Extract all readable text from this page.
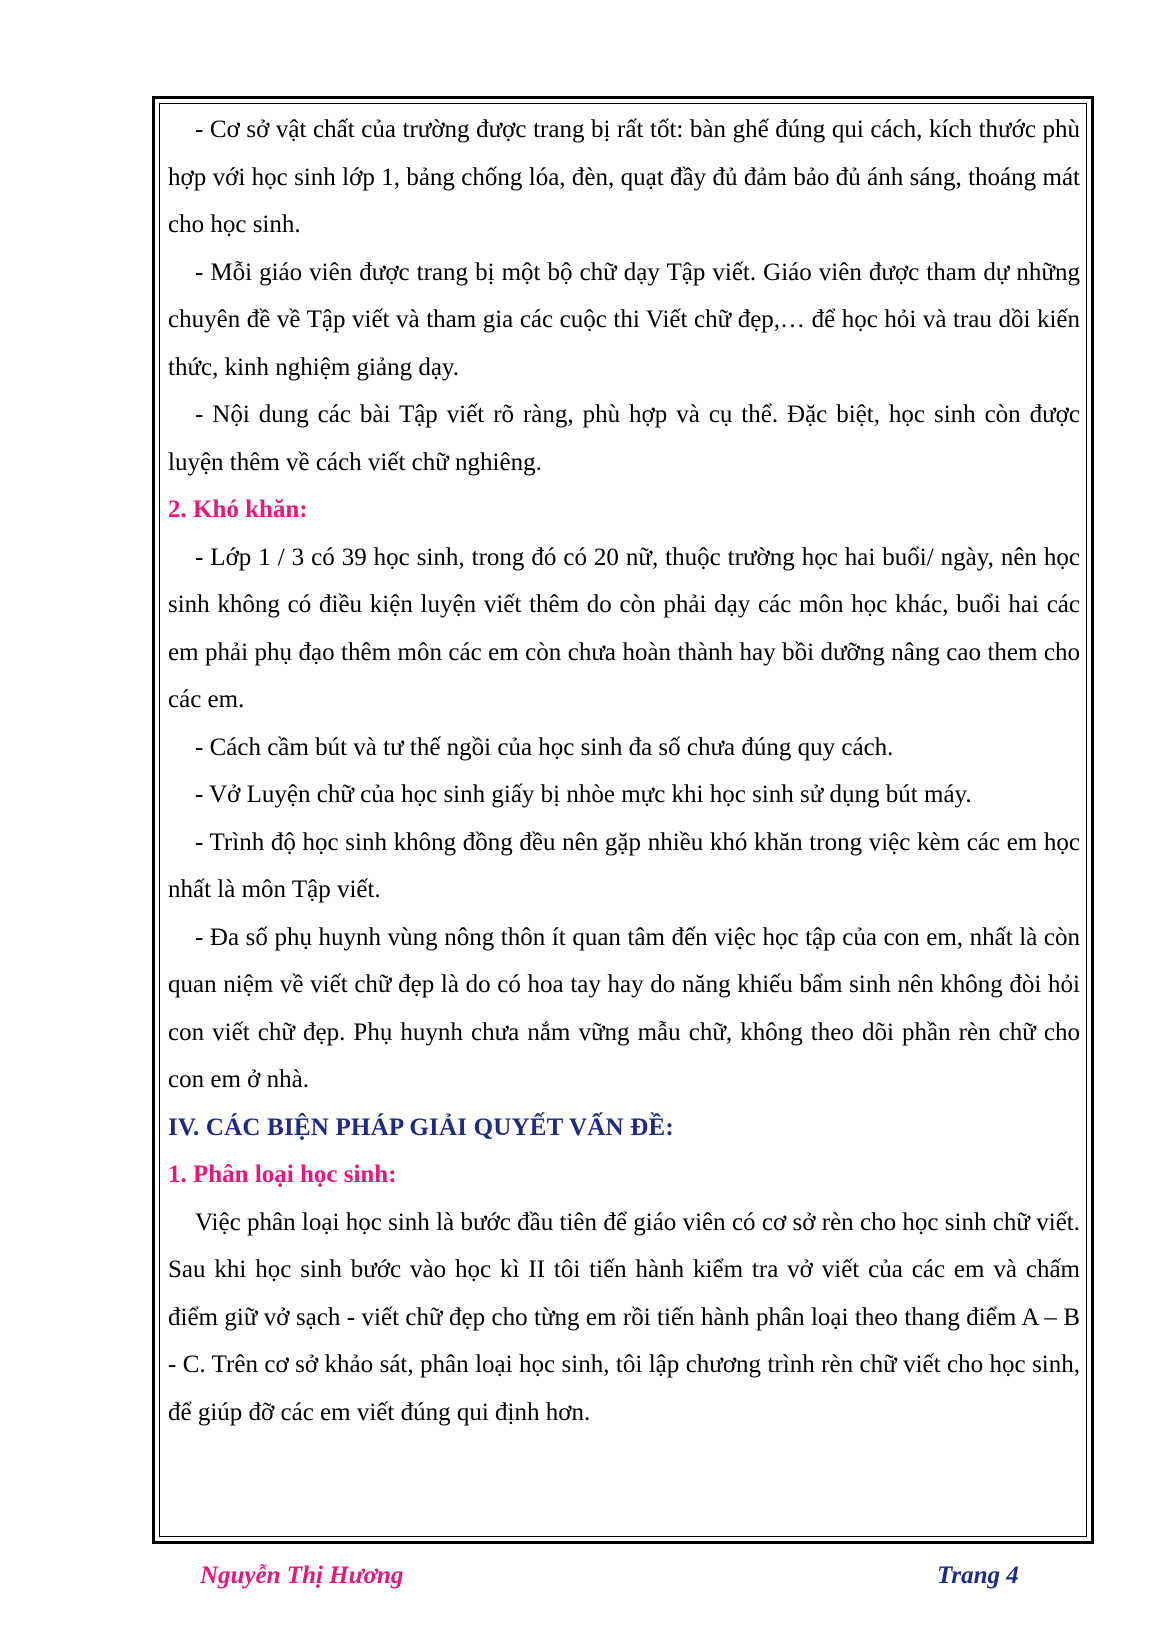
- Cơ sở vật chất của trường được trang bị rất tốt: bàn ghế đúng qui cách, kích thước phù hợp với học sinh lớp 1, bảng chống lóa, đèn, quạt đầy đủ đảm bảo đủ ánh sáng, thoáng mát cho học sinh.

- Mỗi giáo viên được trang bị một bộ chữ dạy Tập viết. Giáo viên được tham dự những chuyên đề về Tập viết và tham gia các cuộc thi Viết chữ đẹp,… để học hỏi và trau dồi kiến thức, kinh nghiệm giảng dạy.

- Nội dung các bài Tập viết rõ ràng, phù hợp và cụ thể. Đặc biệt, học sinh còn được luyện thêm về cách viết chữ nghiêng.

2. Khó khăn:

- Lớp 1 / 3 có 39 học sinh, trong đó có 20 nữ, thuộc trường học hai buổi/ ngày, nên học sinh không có điều kiện luyện viết thêm do còn phải dạy các môn học khác, buổi hai các em phải phụ đạo thêm môn các em còn chưa hoàn thành hay bồi dưỡng nâng cao them cho các em.

- Cách cầm bút và tư thế ngồi của học sinh đa số chưa đúng quy cách.

- Vở Luyện chữ của học sinh giấy bị nhòe mực khi học sinh sử dụng bút máy.

- Trình độ học sinh không đồng đều nên gặp nhiều khó khăn trong việc kèm các em học nhất là môn Tập viết.

- Đa số phụ huynh vùng nông thôn ít quan tâm đến việc học tập của con em, nhất là còn quan niệm về viết chữ đẹp là do có hoa tay hay do năng khiếu bẩm sinh nên không đòi hỏi con viết chữ đẹp. Phụ huynh chưa nắm vững mẫu chữ, không theo dõi phần rèn chữ cho con em ở nhà.

IV. CÁC BIỆN PHÁP GIẢI QUYẾT VẤN ĐỀ:

1. Phân loại học sinh:

Việc phân loại học sinh là bước đầu tiên để giáo viên có cơ sở rèn cho học sinh chữ viết. Sau khi học sinh bước vào học kì II tôi tiến hành kiểm tra vở viết của các em và chấm điểm giữ vở sạch - viết chữ đẹp cho từng em rồi tiến hành phân loại theo thang điểm A – B - C. Trên cơ sở khảo sát, phân loại học sinh, tôi lập chương trình rèn chữ viết cho học sinh, để giúp đỡ các em viết đúng qui định hơn.

Nguyễn Thị Hương	Trang 4
